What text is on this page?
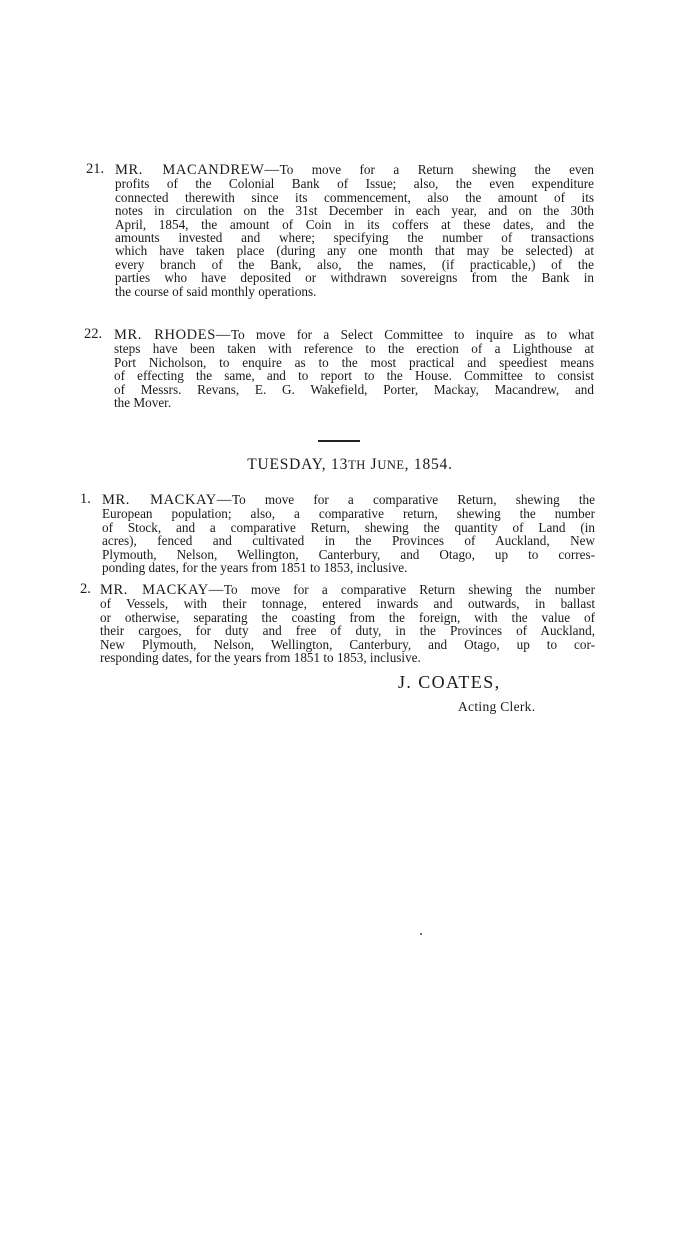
21. MR. MACANDREW—To move for a Return shewing the even
profits of the Colonial Bank of Issue; also, the even expenditure
connected therewith since its commencement, also the amount of its
notes in circulation on the 31st December in each year, and on the 30th
April, 1854, the amount of Coin in its coffers at these dates, and the
amounts invested and where; specifying the number of transactions
which have taken place (during any one month that may be selected) at
every branch of the Bank, also, the names, (if practicable,) of the
parties who have deposited or withdrawn sovereigns from the Bank in
the course of said monthly operations.
22. MR. RHODES—To move for a Select Committee to inquire as to what
steps have been taken with reference to the erection of a Lighthouse at
Port Nicholson, to enquire as to the most practical and speediest means
of effecting the same, and to report to the House. Committee to consist
of Messrs. Revans, E. G. Wakefield, Porter, Mackay, Macandrew, and
the Mover.
TUESDAY, 13TH JUNE, 1854.
1. MR. MACKAY—To move for a comparative Return, shewing the
European population; also, a comparative return, shewing the number
of Stock, and a comparative Return, shewing the quantity of Land (in
acres), fenced and cultivated in the Provinces of Auckland, New
Plymouth, Nelson, Wellington, Canterbury, and Otago, up to corres-
ponding dates, for the years from 1851 to 1853, inclusive.
2. MR. MACKAY—To move for a comparative Return shewing the number
of Vessels, with their tonnage, entered inwards and outwards, in ballast
or otherwise, separating the coasting from the foreign, with the value of
their cargoes, for duty and free of duty, in the Provinces of Auckland,
New Plymouth, Nelson, Wellington, Canterbury, and Otago, up to cor-
responding dates, for the years from 1851 to 1853, inclusive.
J. COATES,
Acting Clerk.
